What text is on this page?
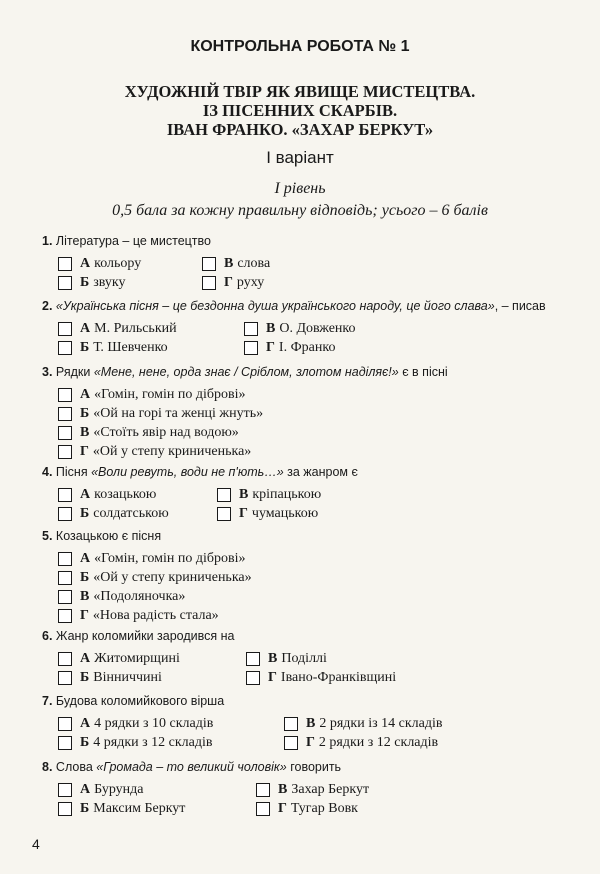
КОНТРОЛЬНА РОБОТА № 1
ХУДОЖНІЙ ТВІР ЯК ЯВИЩЕ МИСТЕЦТВА.
ІЗ ПІСЕННИХ СКАРБІВ.
ІВАН ФРАНКО. «ЗАХАР БЕРКУТ»
І варіант
І рівень
0,5 бала за кожну правильну відповідь; усього – 6 балів
1. Література – це мистецтво
А кольору
Б звуку
В слова
Г руху
2. «Українська пісня – це бездонна душа українського народу, це його слава», – писав
А М. Рильський
Б Т. Шевченко
В О. Довженко
Г І. Франко
3. Рядки «Мене, нене, орда знає / Сріблом, злотом наділяє!» є в пісні
А «Гомін, гомін по діброві»
Б «Ой на горі та женці жнуть»
В «Стоїть явір над водою»
Г «Ой у степу криниченька»
4. Пісня «Воли ревуть, води не п'ють…» за жанром є
А козацькою
Б солдатською
В кріпацькою
Г чумацькою
5. Козацькою є пісня
А «Гомін, гомін по діброві»
Б «Ой у степу криниченька»
В «Подоляночка»
Г «Нова радість стала»
6. Жанр коломийки зародився на
А Житомирщині
Б Вінниччині
В Поділлі
Г Івано-Франківщині
7. Будова коломийкового вірша
А 4 рядки з 10 складів
Б 4 рядки з 12 складів
В 2 рядки із 14 складів
Г 2 рядки з 12 складів
8. Слова «Громада – то великий чоловік» говорить
А Бурунда
Б Максим Беркут
В Захар Беркут
Г Тугар Вовк
4
